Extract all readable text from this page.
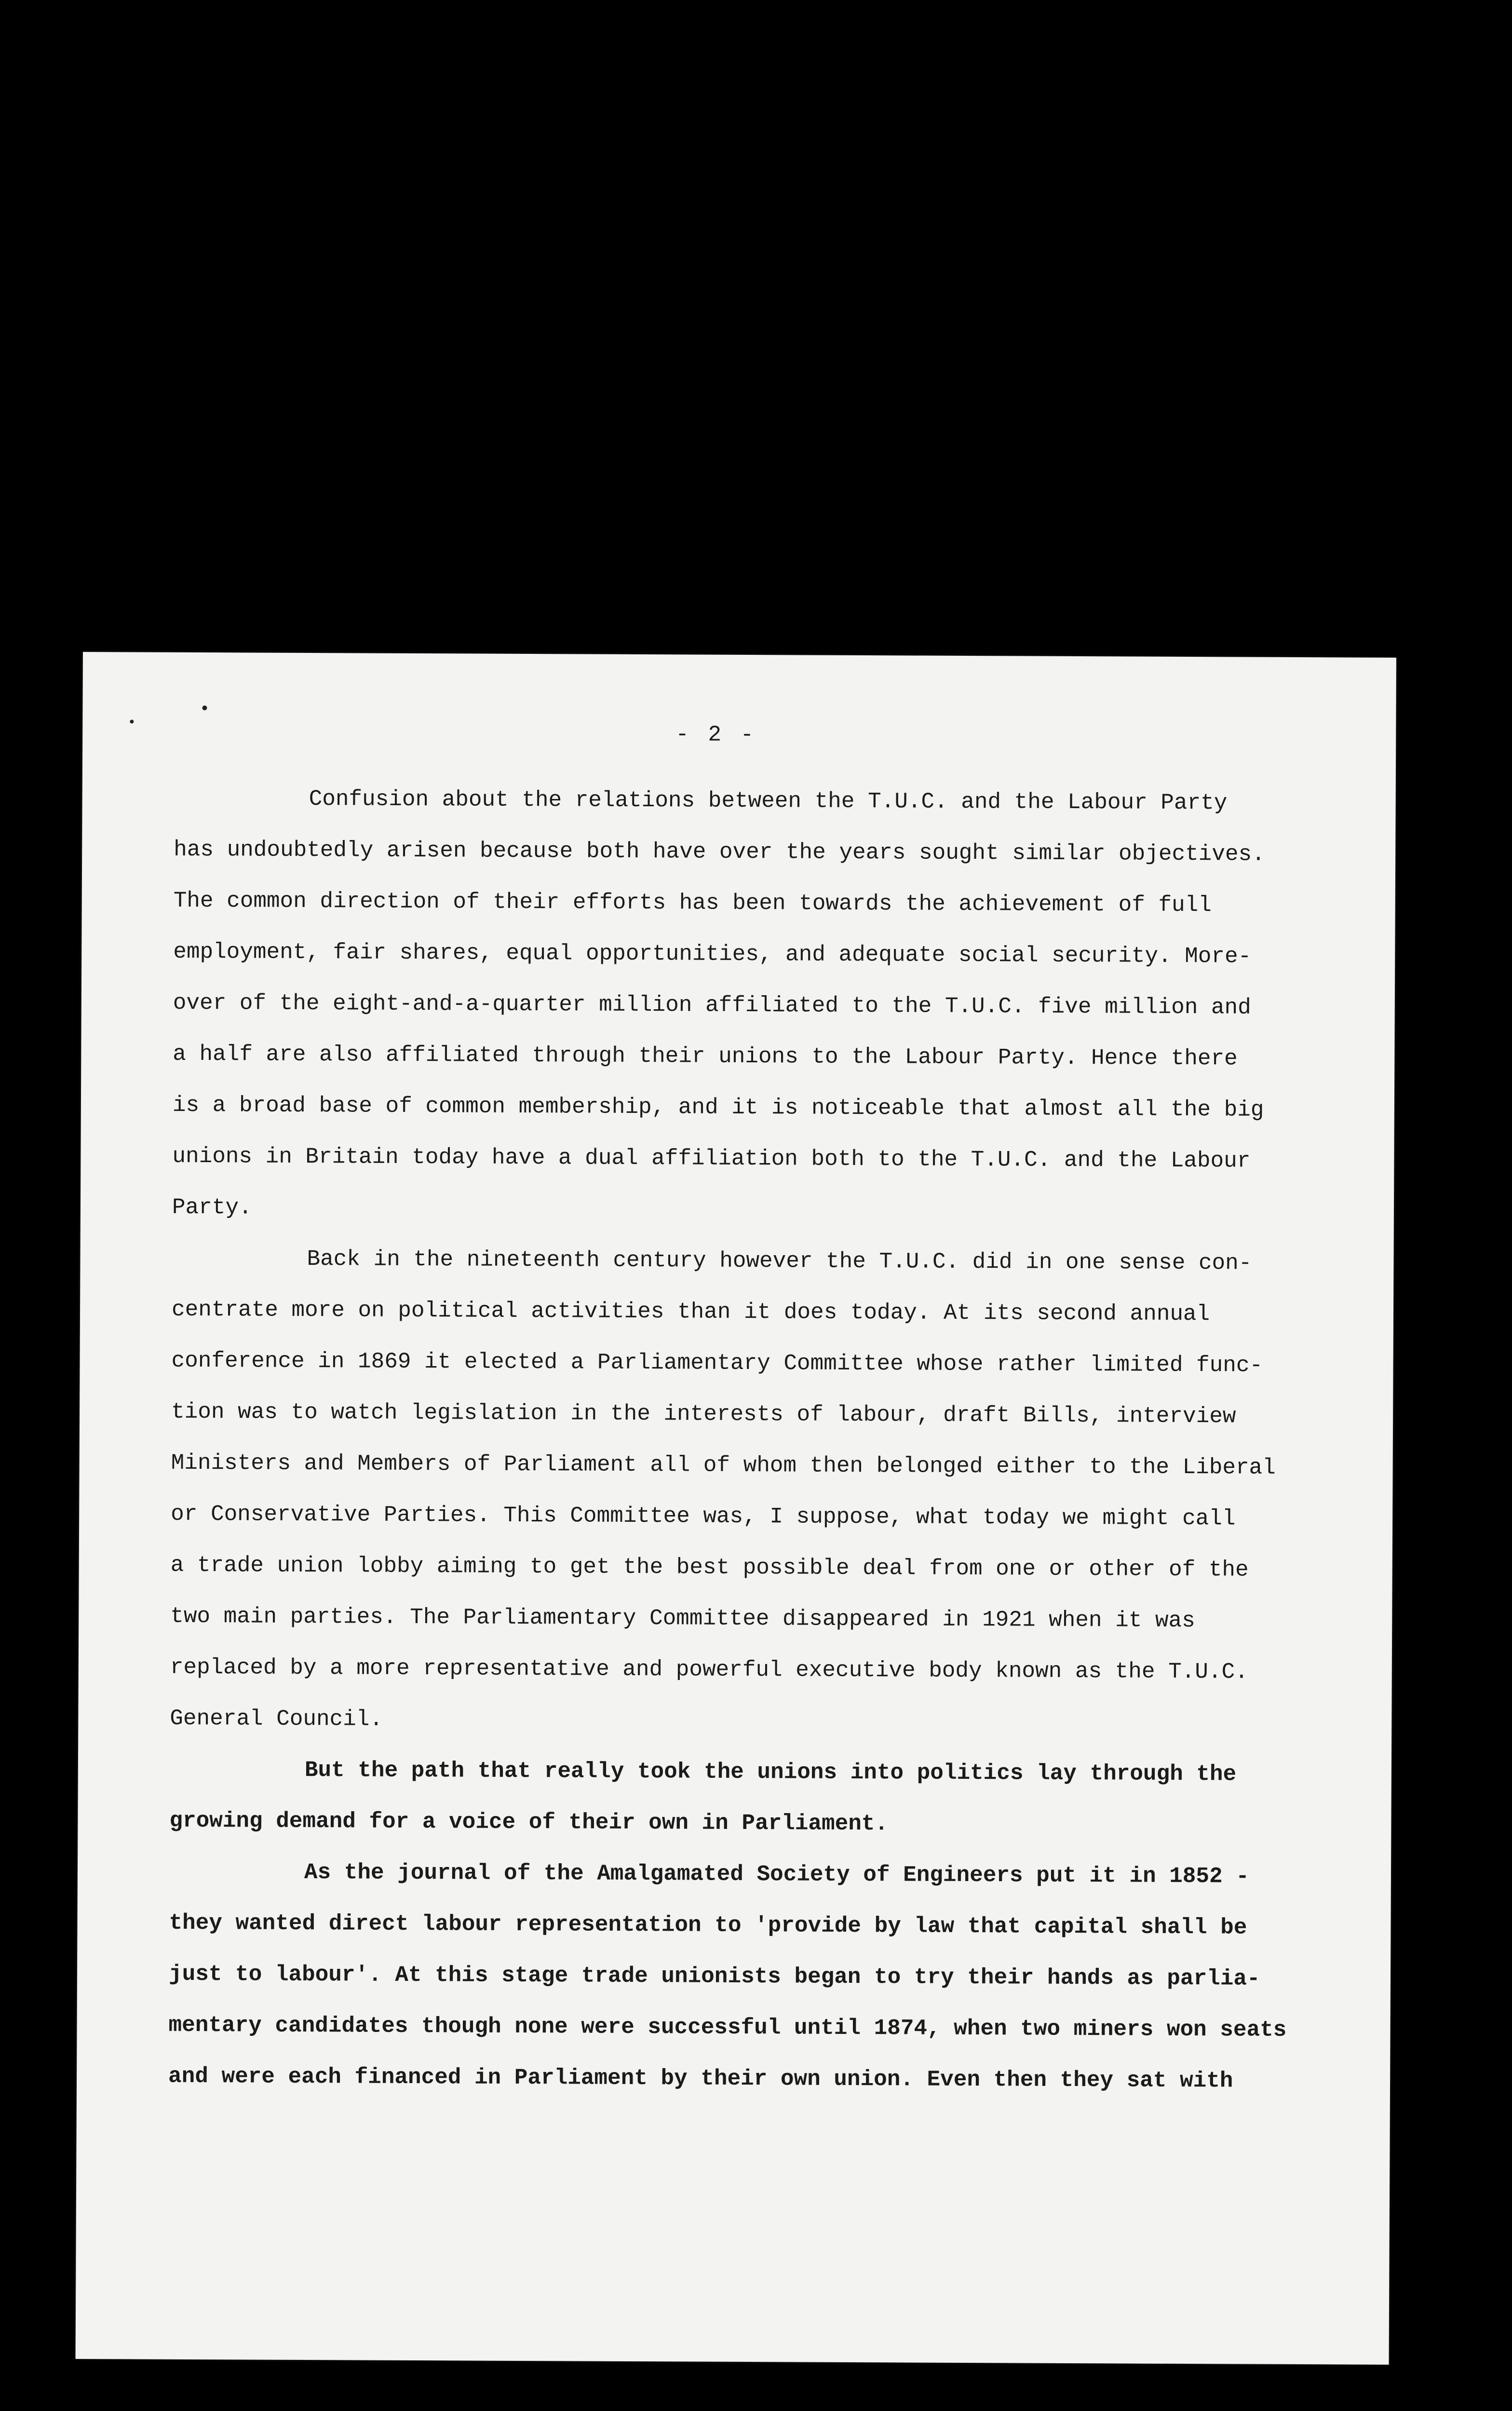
- 2 -
Confusion about the relations between the T.U.C. and the Labour Party
has undoubtedly arisen because both have over the years sought similar objectives.
The common direction of their efforts has been towards the achievement of full
employment, fair shares, equal opportunities, and adequate social security. More-
over of the eight-and-a-quarter million affiliated to the T.U.C. five million and
a half are also affiliated through their unions to the Labour Party. Hence there
is a broad base of common membership, and it is noticeable that almost all the big
unions in Britain today have a dual affiliation both to the T.U.C. and the Labour
Party.
Back in the nineteenth century however the T.U.C. did in one sense con-
centrate more on political activities than it does today. At its second annual
conference in 1869 it elected a Parliamentary Committee whose rather limited func-
tion was to watch legislation in the interests of labour, draft Bills, interview
Ministers and Members of Parliament all of whom then belonged either to the Liberal
or Conservative Parties. This Committee was, I suppose, what today we might call
a trade union lobby aiming to get the best possible deal from one or other of the
two main parties. The Parliamentary Committee disappeared in 1921 when it was
replaced by a more representative and powerful executive body known as the T.U.C.
General Council.
But the path that really took the unions into politics lay through the
growing demand for a voice of their own in Parliament.
As the journal of the Amalgamated Society of Engineers put it in 1852 -
they wanted direct labour representation to 'provide by law that capital shall be
just to labour'. At this stage trade unionists began to try their hands as parlia-
mentary candidates though none were successful until 1874, when two miners won seats
and were each financed in Parliament by their own union. Even then they sat with
